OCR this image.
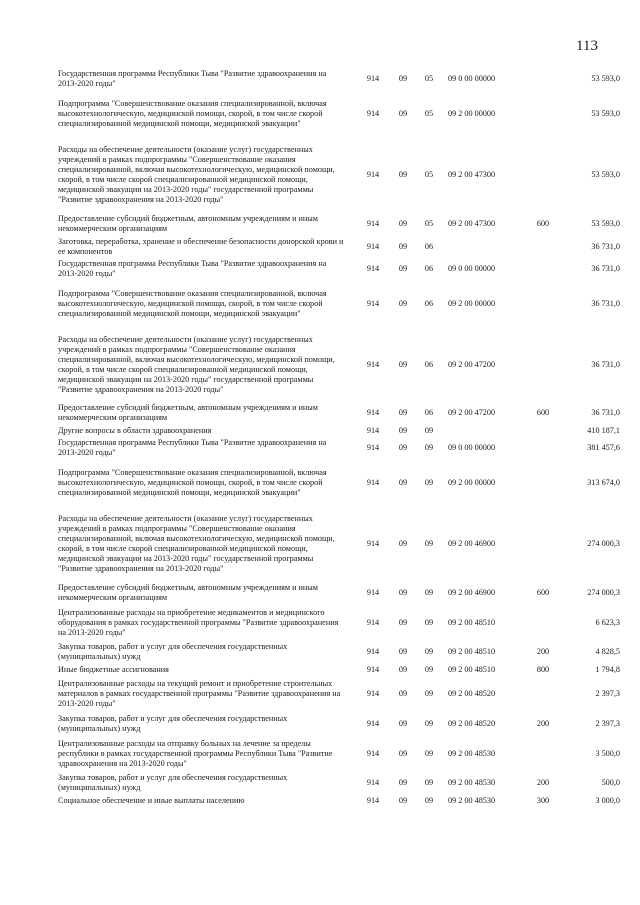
113
Государственная программа Республики Тыва "Развитие здравоохранения на 2013-2020 годы"	914	09	05	09 0 00 00000		53 593,0
Подпрограмма "Совершенствование оказания специализированной, включая высокотехнологическую, медицинской помощи, скорой, в том числе скорой специализированной медицинской помощи, медицинской эвакуации"	914	09	05	09 2 00 00000		53 593,0
Расходы на обеспечение деятельности (оказание услуг) государственных учреждений в рамках подпрограммы "Совершенствование оказания специализированной, включая высокотехнологическую, медицинской помощи, скорой, в том числе скорой специализированной медицинской помощи, медицинской эвакуации на 2013-2020 годы" государственной программы "Развитие здравоохранения на 2013-2020 годы"	914	09	05	09 2 00 47300		53 593,0
Предоставление субсидий бюджетным, автономным учреждениям и иным некоммерческим организациям	914	09	05	09 2 00 47300	600	53 593,0
Заготовка, переработка, хранение и обеспечение безопасности донорской крови и ее компонентов	914	09	06			36 731,0
Государственная программа Республики Тыва "Развитие здравоохранения на 2013-2020 годы"	914	09	06	09 0 00 00000		36 731,0
Подпрограмма "Совершенствование оказания специализированной, включая высокотехнологическую, медицинской помощи, скорой, в том числе скорой специализированной медицинской помощи, медицинской эвакуации"	914	09	06	09 2 00 00000		36 731,0
Расходы на обеспечение деятельности (оказание услуг) государственных учреждений в рамках подпрограммы "Совершенствование оказания специализированной, включая высокотехнологическую, медицинской помощи, скорой, в том числе скорой специализированной медицинской помощи, медицинской эвакуации на 2013-2020 годы" государственной программы "Развитие здравоохранения на 2013-2020 годы"	914	09	06	09 2 00 47200		36 731,0
Предоставление субсидий бюджетным, автономным учреждениям и иным некоммерческим организациям	914	09	06	09 2 00 47200	600	36 731,0
Другие вопросы в области здравоохранения	914	09	09			410 187,1
Государственная программа Республики Тыва "Развитие здравоохранения на 2013-2020 годы"	914	09	09	09 0 00 00000		381 457,6
Подпрограмма "Совершенствование оказания специализированной, включая высокотехнологическую, медицинской помощи, скорой, в том числе скорой специализированной медицинской помощи, медицинской эвакуации"	914	09	09	09 2 00 00000		313 674,0
Расходы на обеспечение деятельности (оказание услуг) государственных учреждений в рамках подпрограммы "Совершенствование оказания специализированной, включая высокотехнологическую, медицинской помощи, скорой, в том числе скорой специализированной медицинской помощи, медицинской эвакуации на 2013-2020 годы" государственной программы "Развитие здравоохранения на 2013-2020 годы"	914	09	09	09 2 00 46900		274 000,3
Предоставление субсидий бюджетным, автономным учреждениям и иным некоммерческим организациям	914	09	09	09 2 00 46900	600	274 000,3
Централизованные расходы на приобретение медикаментов и медицинского оборудования в рамках государственной программы "Развитие здравоохранения на 2013-2020 годы"	914	09	09	09 2 00 48510		6 623,3
Закупка товаров, работ и услуг для обеспечения государственных (муниципальных) нужд	914	09	09	09 2 00 48510	200	4 828,5
Иные бюджетные ассигнования	914	09	09	09 2 00 48510	800	1 794,8
Централизованные расходы на текущий ремонт и приобретение строительных материалов в рамках государственной программы "Развитие здравоохранения на 2013-2020 годы"	914	09	09	09 2 00 48520		2 397,3
Закупка товаров, работ и услуг для обеспечения государственных (муниципальных) нужд	914	09	09	09 2 00 48520	200	2 397,3
Централизованные расходы на отправку больных на лечение за пределы республики в рамках государственной программы Республики Тыва "Развитие здравоохранения на 2013-2020 годы"	914	09	09	09 2 00 48530		3 500,0
Закупка товаров, работ и услуг для обеспечения государственных (муниципальных) нужд	914	09	09	09 2 00 48530	200	500,0
Социальное обеспечение и иные выплаты населению	914	09	09	09 2 00 48530	300	3 000,0
